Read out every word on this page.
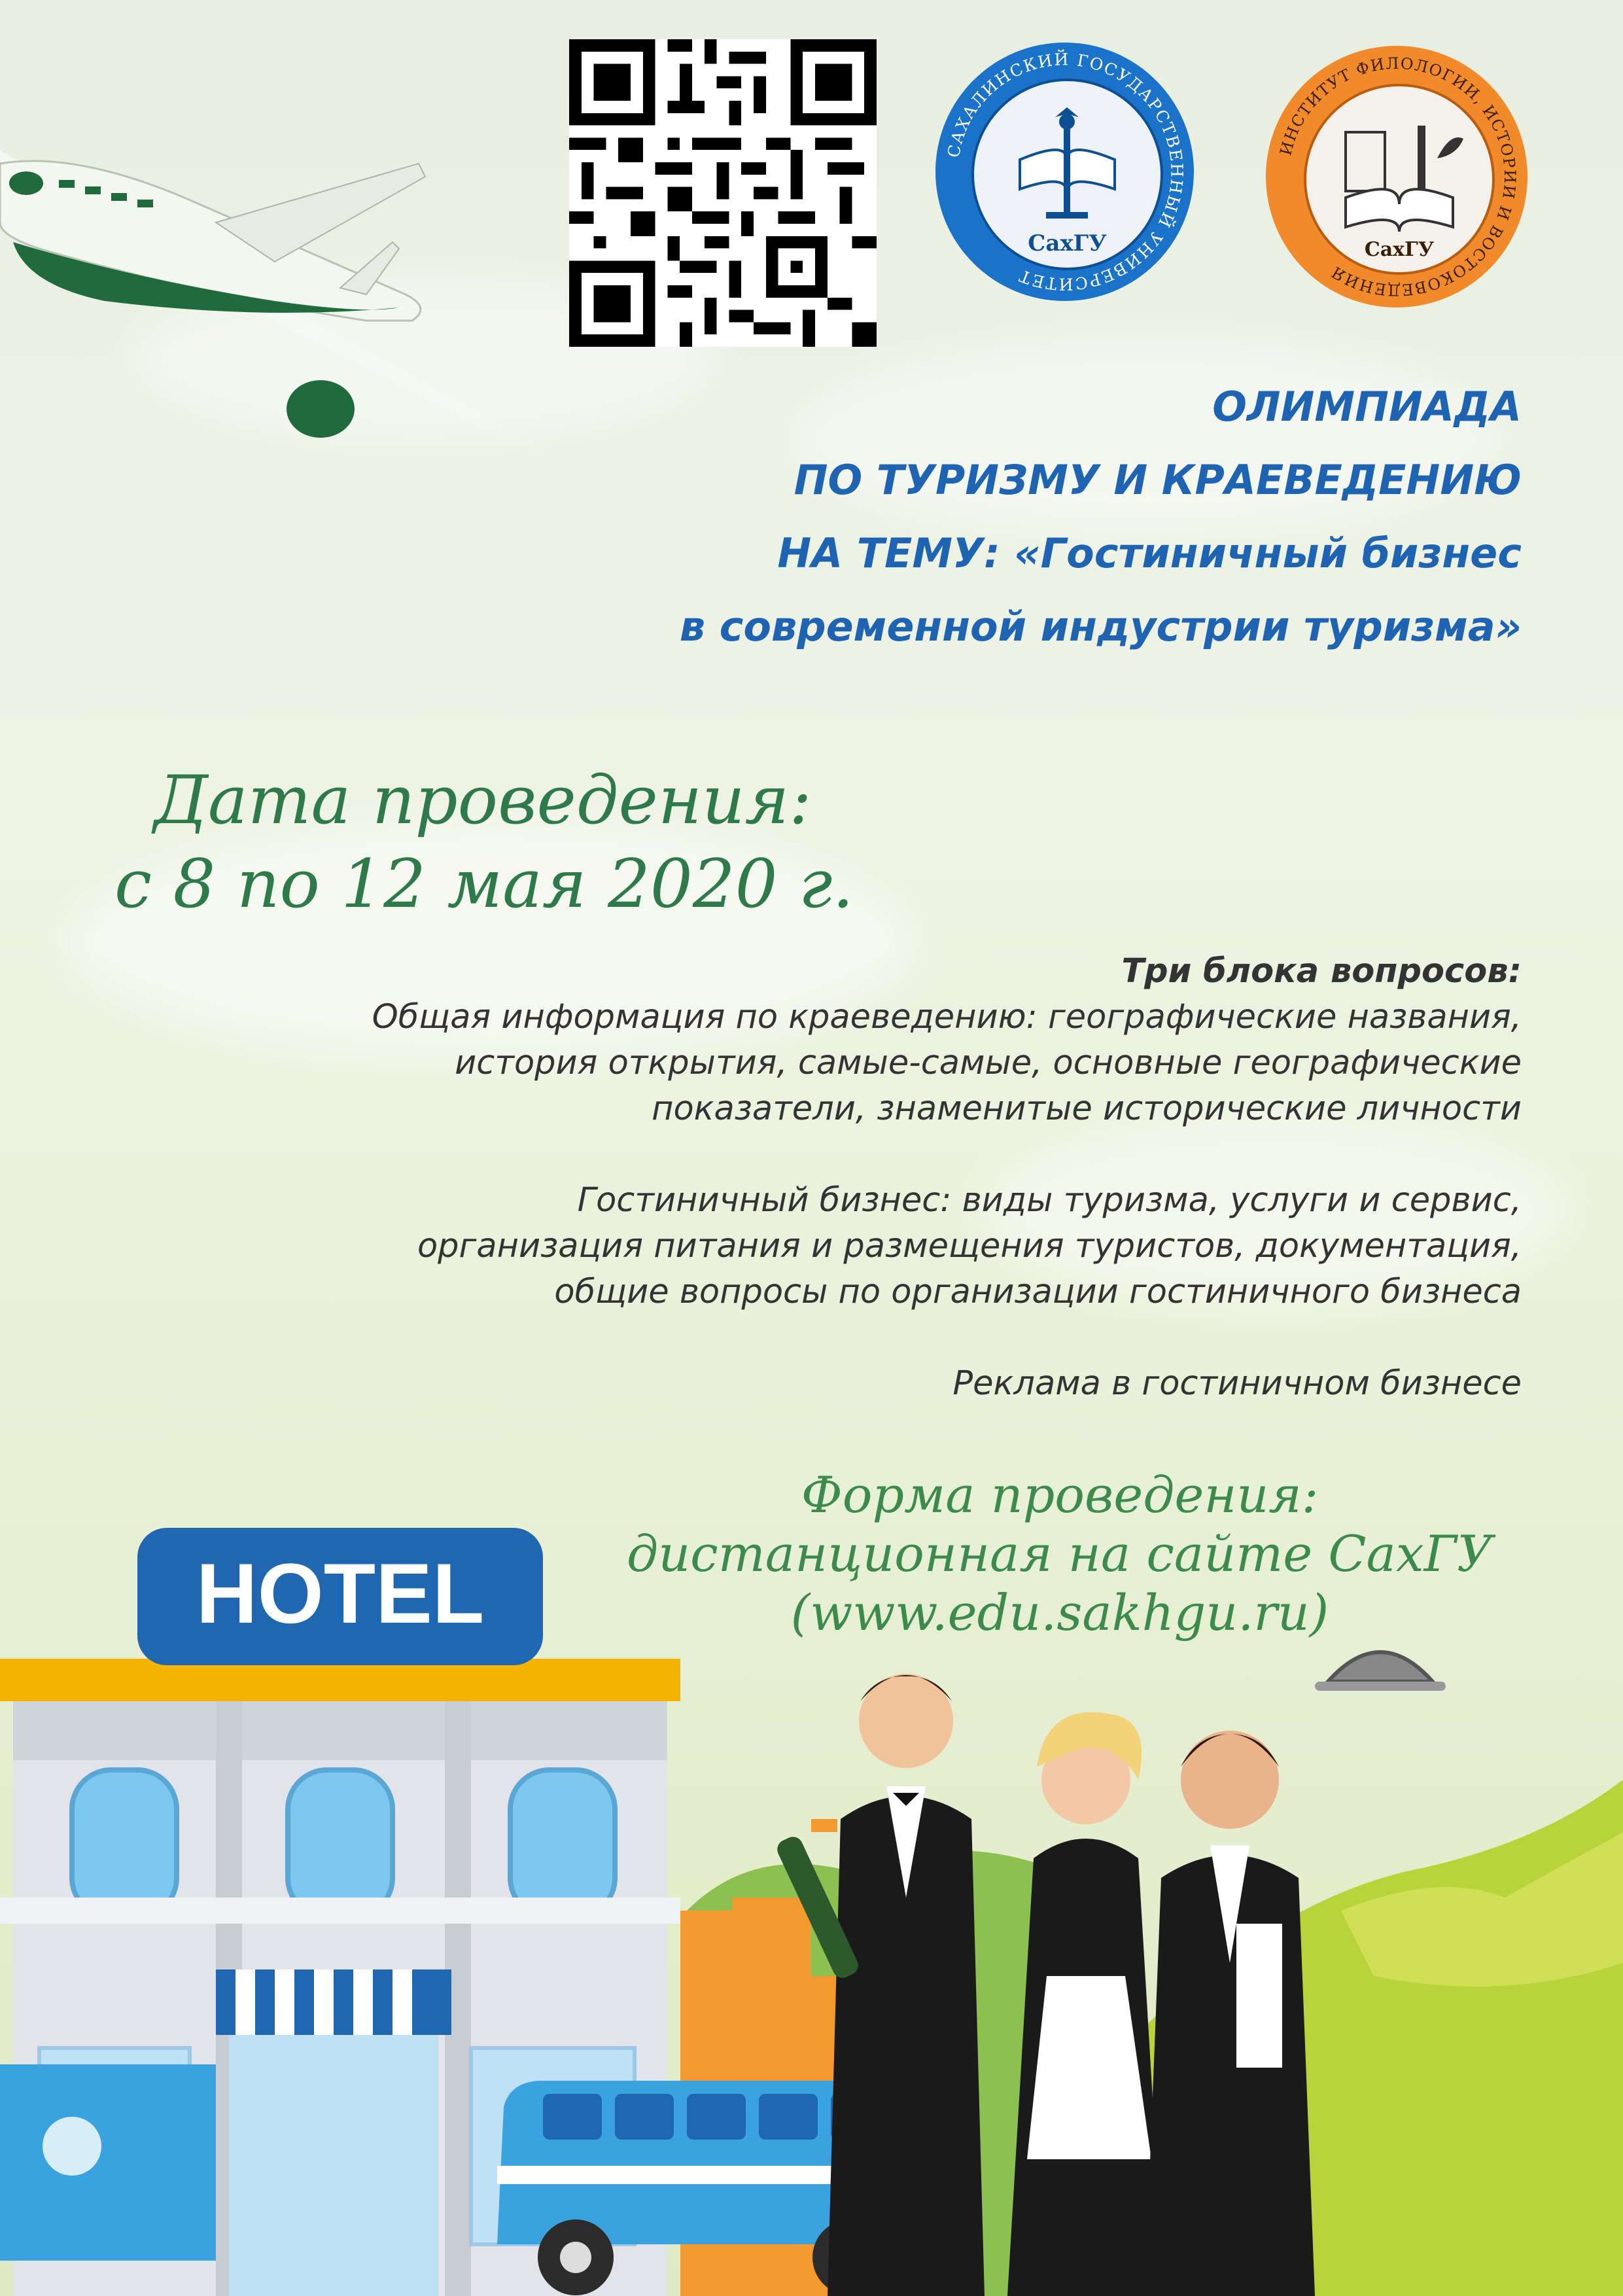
САХАЛИНСКИЙ ГОСУДАРСТВЕННЫЙ УНИВЕРСИТЕТ
СахГУ
ИНСТИТУТ ФИЛОЛОГИИ, ИСТОРИИ И ВОСТОКОВЕДЕНИЯ
СахГУ
ОЛИМПИАДА
ПО ТУРИЗМУ И КРАЕВЕДЕНИЮ
НА ТЕМУ: «Гостиничный бизнес
в современной индустрии туризма»
Дата проведения:
с 8 по 12 мая 2020 г.
Три блока вопросов:
Общая информация по краеведению: географические названия,
история открытия, самые-самые, основные географические
показатели, знаменитые исторические личности
Гостиничный бизнес: виды туризма, услуги и сервис,
организация питания и размещения туристов, документация,
общие вопросы по организации гостиничного бизнеса
Реклама в гостиничном бизнесе
Форма проведения:
дистанционная на сайте СахГУ
(www.edu.sakhgu.ru)
HOTEL
